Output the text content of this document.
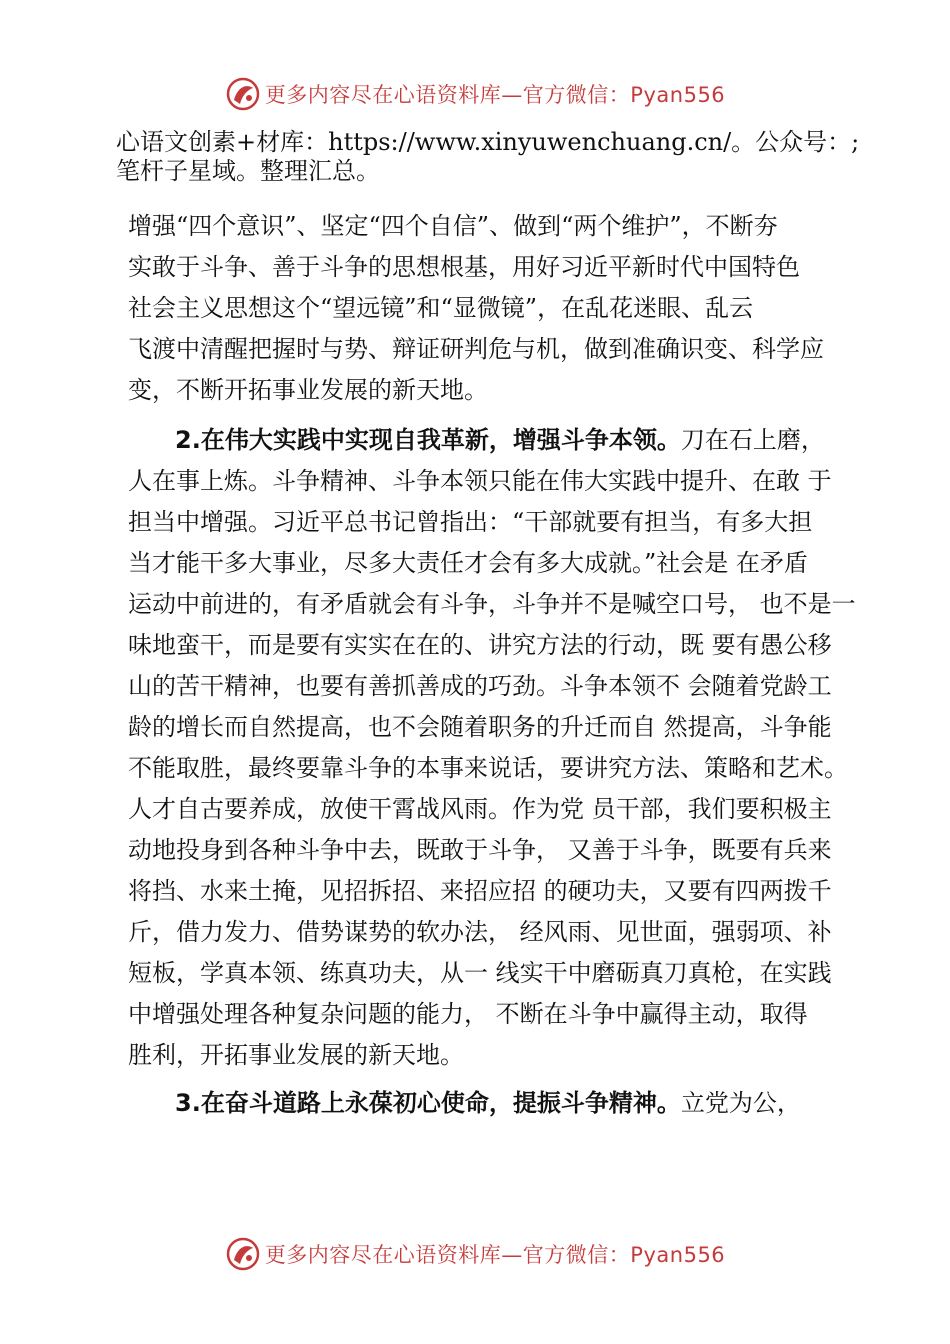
更多内容尽在心语资料库—官方微信：Pyan556
心语文创素+材库：https://www.xinyuwenchuang.cn/。公众号：;
笔杆子星域。整理汇总。
增强“四个意识”、坚定“四个自信”、做到“两个维护”，不断夯
实敢于斗争、善于斗争的思想根基，用好习近平新时代中国特色
社会主义思想这个“望远镜”和“显微镜”，在乱花迷眼、乱云
飞渡中清醒把握时与势、辩证研判危与机，做到准确识变、科学应
变，不断开拓事业发展的新天地。
2.在伟大实践中实现自我革新，增强斗争本领。刀在石上磨，
人在事上炼。斗争精神、斗争本领只能在伟大实践中提升、在敢 于
担当中增强。习近平总书记曾指出：“干部就要有担当，有多大担
当才能干多大事业，尽多大责任才会有多大成就。”社会是 在矛盾
运动中前进的，有矛盾就会有斗争，斗争并不是喊空口号， 也不是一
味地蛮干，而是要有实实在在的、讲究方法的行动，既 要有愚公移
山的苦干精神，也要有善抓善成的巧劲。斗争本领不 会随着党龄工
龄的增长而自然提高，也不会随着职务的升迁而自 然提高，斗争能
不能取胜，最终要靠斗争的本事来说话，要讲究方法、策略和艺术。
人才自古要养成，放使干霄战风雨。作为党 员干部，我们要积极主
动地投身到各种斗争中去，既敢于斗争， 又善于斗争，既要有兵来
将挡、水来土掩，见招拆招、来招应招 的硬功夫，又要有四两拨千
斤，借力发力、借势谋势的软办法， 经风雨、见世面，强弱项、补
短板，学真本领、练真功夫，从一 线实干中磨砺真刀真枪，在实践
中增强处理各种复杂问题的能力， 不断在斗争中赢得主动，取得
胜利，开拓事业发展的新天地。
3.在奋斗道路上永葆初心使命，提振斗争精神。立党为公，
更多内容尽在心语资料库—官方微信：Pyan556
